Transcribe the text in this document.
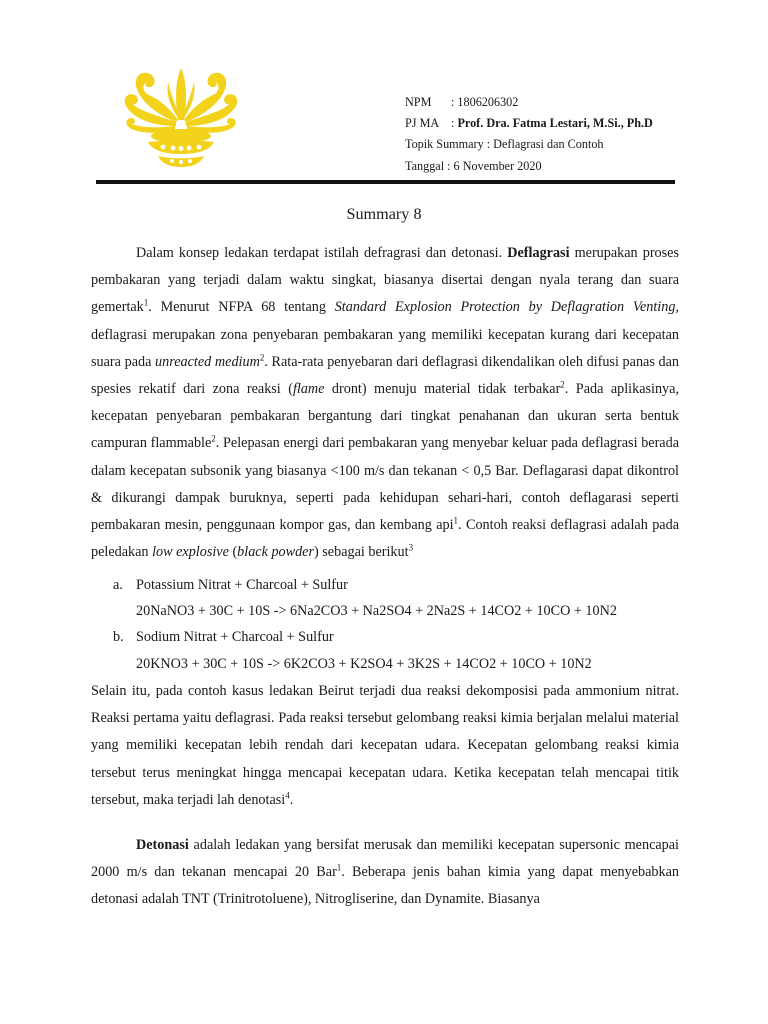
NPM : 1806206302
PJ MA : Prof. Dra. Fatma Lestari, M.Si., Ph.D
Topik Summary : Deflagrasi dan Contoh
Tanggal : 6 November 2020
Summary 8
Dalam konsep ledakan terdapat istilah defragrasi dan detonasi. Deflagrasi merupakan proses pembakaran yang terjadi dalam waktu singkat, biasanya disertai dengan nyala terang dan suara gemertak$^1$. Menurut NFPA 68 tentang Standard Explosion Protection by Deflagration Venting, deflagrasi merupakan zona penyebaran pembakaran yang memiliki kecepatan kurang dari kecepatan suara pada unreacted medium$^2$. Rata-rata penyebaran dari deflagrasi dikendalikan oleh difusi panas dan spesies rekatif dari zona reaksi (flame dront) menuju material tidak terbakar$^2$. Pada aplikasinya, kecepatan penyebaran pembakaran bergantung dari tingkat penahanan dan ukuran serta bentuk campuran flammable$^2$. Pelepasan energi dari pembakaran yang menyebar keluar pada deflagrasi berada dalam kecepatan subsonik yang biasanya <100 m/s dan tekanan < 0,5 Bar. Deflagarasi dapat dikontrol & dikurangi dampak buruknya, seperti pada kehidupan sehari-hari, contoh deflagarasi seperti pembakaran mesin, penggunaan kompor gas, dan kembang api$^1$. Contoh reaksi deflagrasi adalah pada peledakan low explosive (black powder) sebagai berikut$^3$
a. Potassium Nitrat + Charcoal + Sulfur
20NaNO3 + 30C + 10S -> 6Na2CO3 + Na2SO4 + 2Na2S + 14CO2 + 10CO + 10N2
b. Sodium Nitrat + Charcoal + Sulfur
20KNO3 + 30C + 10S -> 6K2CO3 + K2SO4 + 3K2S + 14CO2 + 10CO + 10N2
Selain itu, pada contoh kasus ledakan Beirut terjadi dua reaksi dekomposisi pada ammonium nitrat. Reaksi pertama yaitu deflagrasi. Pada reaksi tersebut gelombang reaksi kimia berjalan melalui material yang memiliki kecepatan lebih rendah dari kecepatan udara. Kecepatan gelombang reaksi kimia tersebut terus meningkat hingga mencapai kecepatan udara. Ketika kecepatan telah mencapai titik tersebut, maka terjadi lah denotasi$^4$.
Detonasi adalah ledakan yang bersifat merusak dan memiliki kecepatan supersonic mencapai 2000 m/s dan tekanan mencapai 20 Bar$^1$. Beberapa jenis bahan kimia yang dapat menyebabkan detonasi adalah TNT (Trinitrotoluene), Nitrogliserine, dan Dynamite. Biasanya
